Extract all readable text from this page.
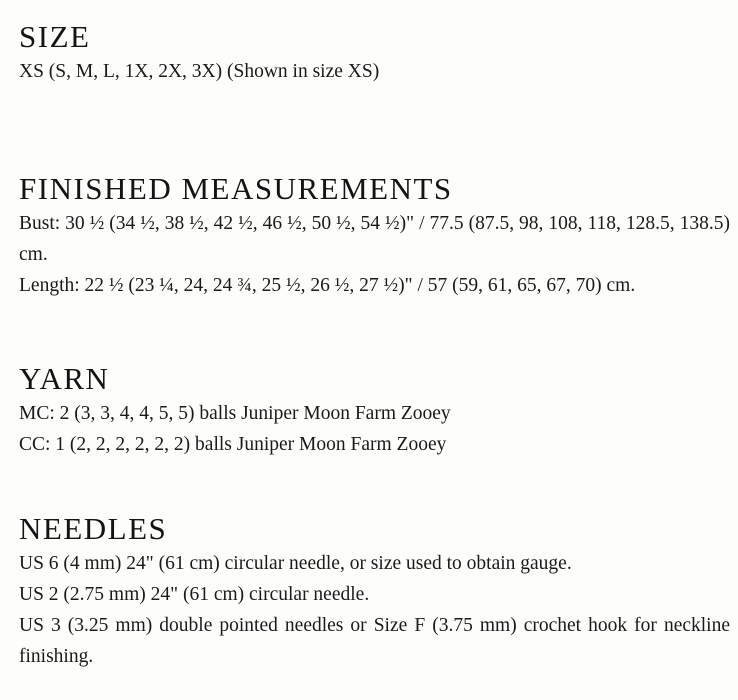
SIZE

XS (S, M, L, 1X, 2X, 3X) (Shown in size XS)

FINISHED MEASUREMENTS

Bust: 30 ½ (34 ½, 38 ½, 42 ½, 46 ½, 50 ½, 54 ½)" / 77.5 (87.5, 98, 108, 118, 128.5, 138.5) cm.

Length: 22 ½ (23 ¼, 24, 24 ¾, 25 ½, 26 ½, 27 ½)" / 57 (59, 61, 65, 67, 70) cm.

YARN

MC: 2 (3, 3, 4, 4, 5, 5) balls Juniper Moon Farm Zooey

CC: 1 (2, 2, 2, 2, 2, 2) balls Juniper Moon Farm Zooey

NEEDLES

US 6 (4 mm) 24" (61 cm) circular needle, or size used to obtain gauge.

US 2 (2.75 mm) 24" (61 cm) circular needle.

US 3 (3.25 mm) double pointed needles or Size F (3.75 mm) crochet hook for neckline finishing.
